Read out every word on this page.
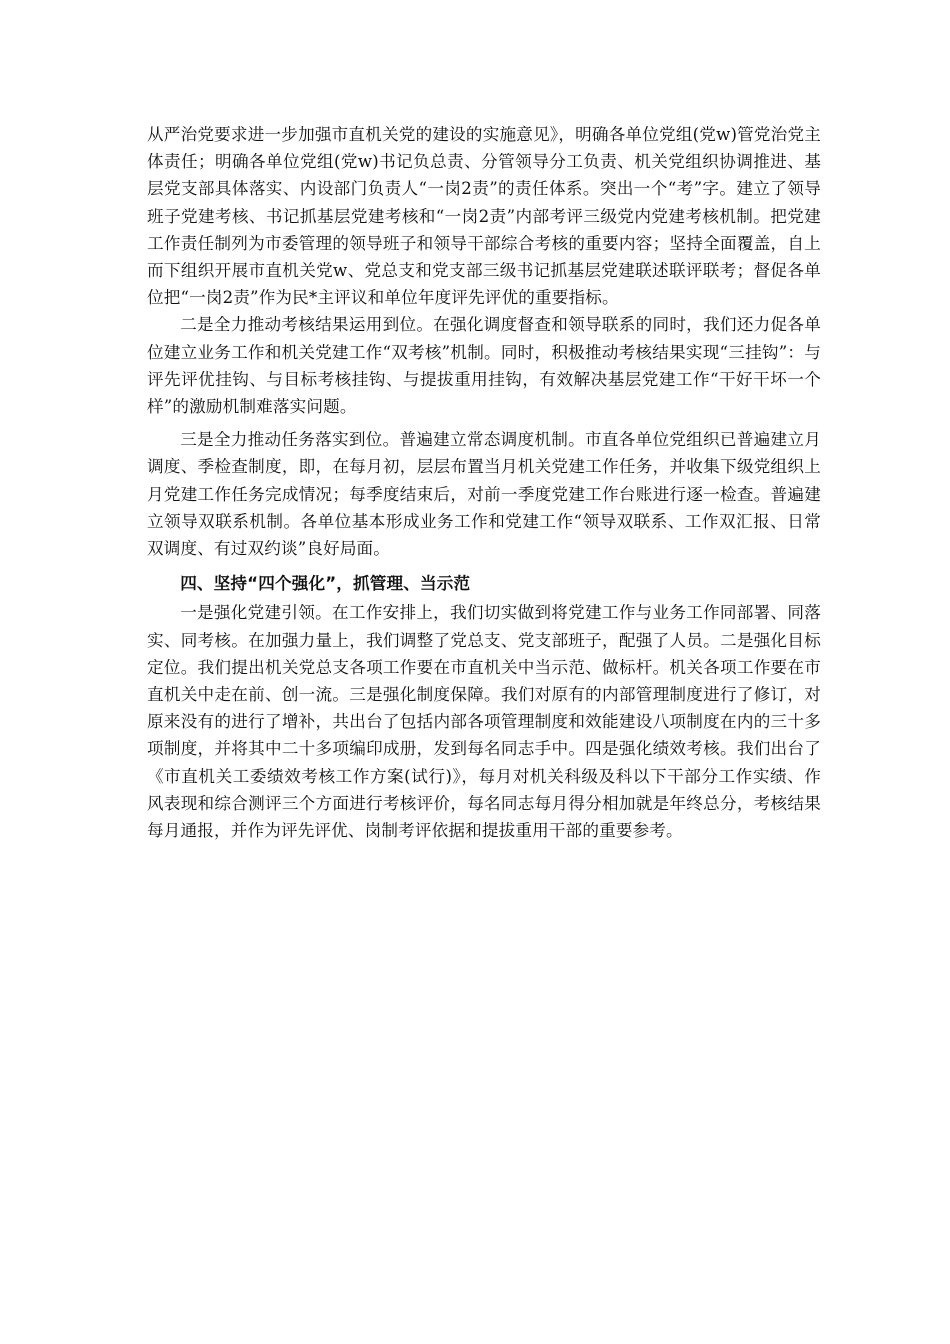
从严治党要求进一步加强市直机关党的建设的实施意见》，明确各单位党组(党w)管党治党主体责任；明确各单位党组(党w)书记负总责、分管领导分工负责、机关党组织协调推进、基层党支部具体落实、内设部门负责人“一岗2责”的责任体系。突出一个“考”字。建立了领导班子党建考核、书记抓基层党建考核和“一岗2责”内部考评三级党内党建考核机制。把党建工作责任制列为市委管理的领导班子和领导干部综合考核的重要内容；坚持全面覆盖，自上而下组织开展市直机关党w、党总支和党支部三级书记抓基层党建联述联评联考；督促各单位把“一岗2责”作为民*主评议和单位年度评先评优的重要指标。

二是全力推动考核结果运用到位。在强化调度督查和领导联系的同时，我们还力促各单位建立业务工作和机关党建工作“双考核”机制。同时，积极推动考核结果实现“三挂钩”：与评先评优挂钩、与目标考核挂钩、与提拔重用挂钩，有效解决基层党建工作“干好干坏一个样”的激励机制难落实问题。

三是全力推动任务落实到位。普遍建立常态调度机制。市直各单位党组织已普遍建立月调度、季检查制度，即，在每月初，层层布置当月机关党建工作任务，并收集下级党组织上月党建工作任务完成情况；每季度结束后，对前一季度党建工作台账进行逐一检查。普遍建立领导双联系机制。各单位基本形成业务工作和党建工作“领导双联系、工作双汇报、日常双调度、有过双约谈”良好局面。

四、坚持“四个强化”，抓管理、当示范

一是强化党建引领。在工作安排上，我们切实做到将党建工作与业务工作同部署、同落实、同考核。在加强力量上，我们调整了党总支、党支部班子，配强了人员。二是强化目标定位。我们提出机关党总支各项工作要在市直机关中当示范、做标杆。机关各项工作要在市直机关中走在前、创一流。三是强化制度保障。我们对原有的内部管理制度进行了修订，对原来没有的进行了增补，共出台了包括内部各项管理制度和效能建设八项制度在内的三十多项制度，并将其中二十多项编印成册，发到每名同志手中。四是强化绩效考核。我们出台了《市直机关工委绩效考核工作方案(试行)》，每月对机关科级及科以下干部分工作实绩、作风表现和综合测评三个方面进行考核评价，每名同志每月得分相加就是年终总分，考核结果每月通报，并作为评先评优、岗制考评依据和提拔重用干部的重要参考。
